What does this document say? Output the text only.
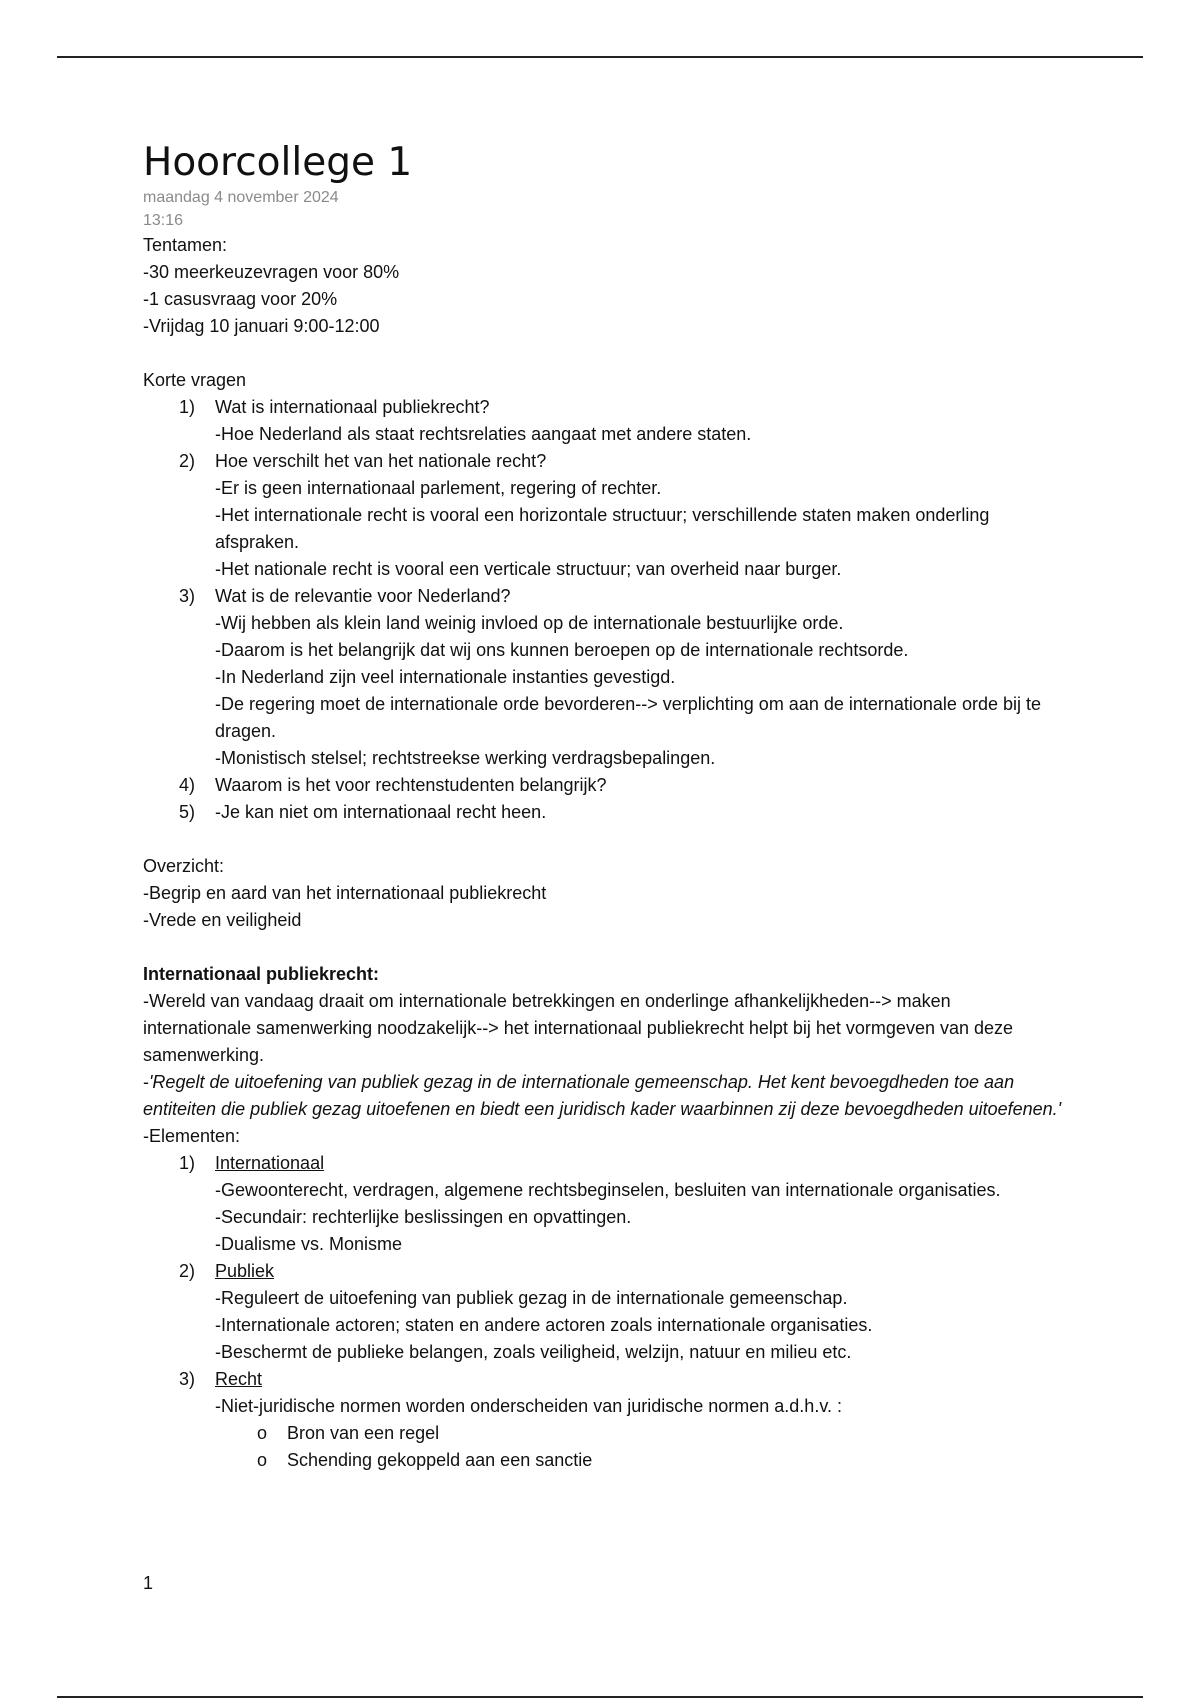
Hoorcollege 1
maandag 4 november 2024
13:16
Tentamen:
-30 meerkeuzevragen voor 80%
-1 casusvraag voor 20%
-Vrijdag 10 januari 9:00-12:00
Korte vragen
1)	Wat is internationaal publiekrecht?
-Hoe Nederland als staat rechtsrelaties aangaat met andere staten.
2)	Hoe verschilt het van het nationale recht?
-Er is geen internationaal parlement, regering of rechter.
-Het internationale recht is vooral een horizontale structuur; verschillende staten maken onderling afspraken.
-Het nationale recht is vooral een verticale structuur; van overheid naar burger.
3)	Wat is de relevantie voor Nederland?
-Wij hebben als klein land weinig invloed op de internationale bestuurlijke orde.
-Daarom is het belangrijk dat wij ons kunnen beroepen op de internationale rechtsorde.
-In Nederland zijn veel internationale instanties gevestigd.
-De regering moet de internationale orde bevorderen--> verplichting om aan de internationale orde bij te dragen.
-Monistisch stelsel; rechtstreekse werking verdragsbepalingen.
4)	Waarom is het voor rechtenstudenten belangrijk?
5)	-Je kan niet om internationaal recht heen.
Overzicht:
-Begrip en aard van het internationaal publiekrecht
-Vrede en veiligheid
Internationaal publiekrecht:
-Wereld van vandaag draait om internationale betrekkingen en onderlinge afhankelijkheden--> maken internationale samenwerking noodzakelijk--> het internationaal publiekrecht helpt bij het vormgeven van deze samenwerking.
-'Regelt de uitoefening van publiek gezag in de internationale gemeenschap. Het kent bevoegdheden toe aan entiteiten die publiek gezag uitoefenen en biedt een juridisch kader waarbinnen zij deze bevoegdheden uitoefenen.'
-Elementen:
1)	Internationaal
-Gewoonterecht, verdragen, algemene rechtsbeginselen, besluiten van internationale organisaties.
-Secundair: rechterlijke beslissingen en opvattingen.
-Dualisme vs. Monisme
2)	Publiek
-Reguleert de uitoefening van publiek gezag in de internationale gemeenschap.
-Internationale actoren; staten en andere actoren zoals internationale organisaties.
-Beschermt de publieke belangen, zoals veiligheid, welzijn, natuur en milieu etc.
3)	Recht
-Niet-juridische normen worden onderscheiden van juridische normen a.d.h.v. :
o	Bron van een regel
o	Schending gekoppeld aan een sanctie
1
